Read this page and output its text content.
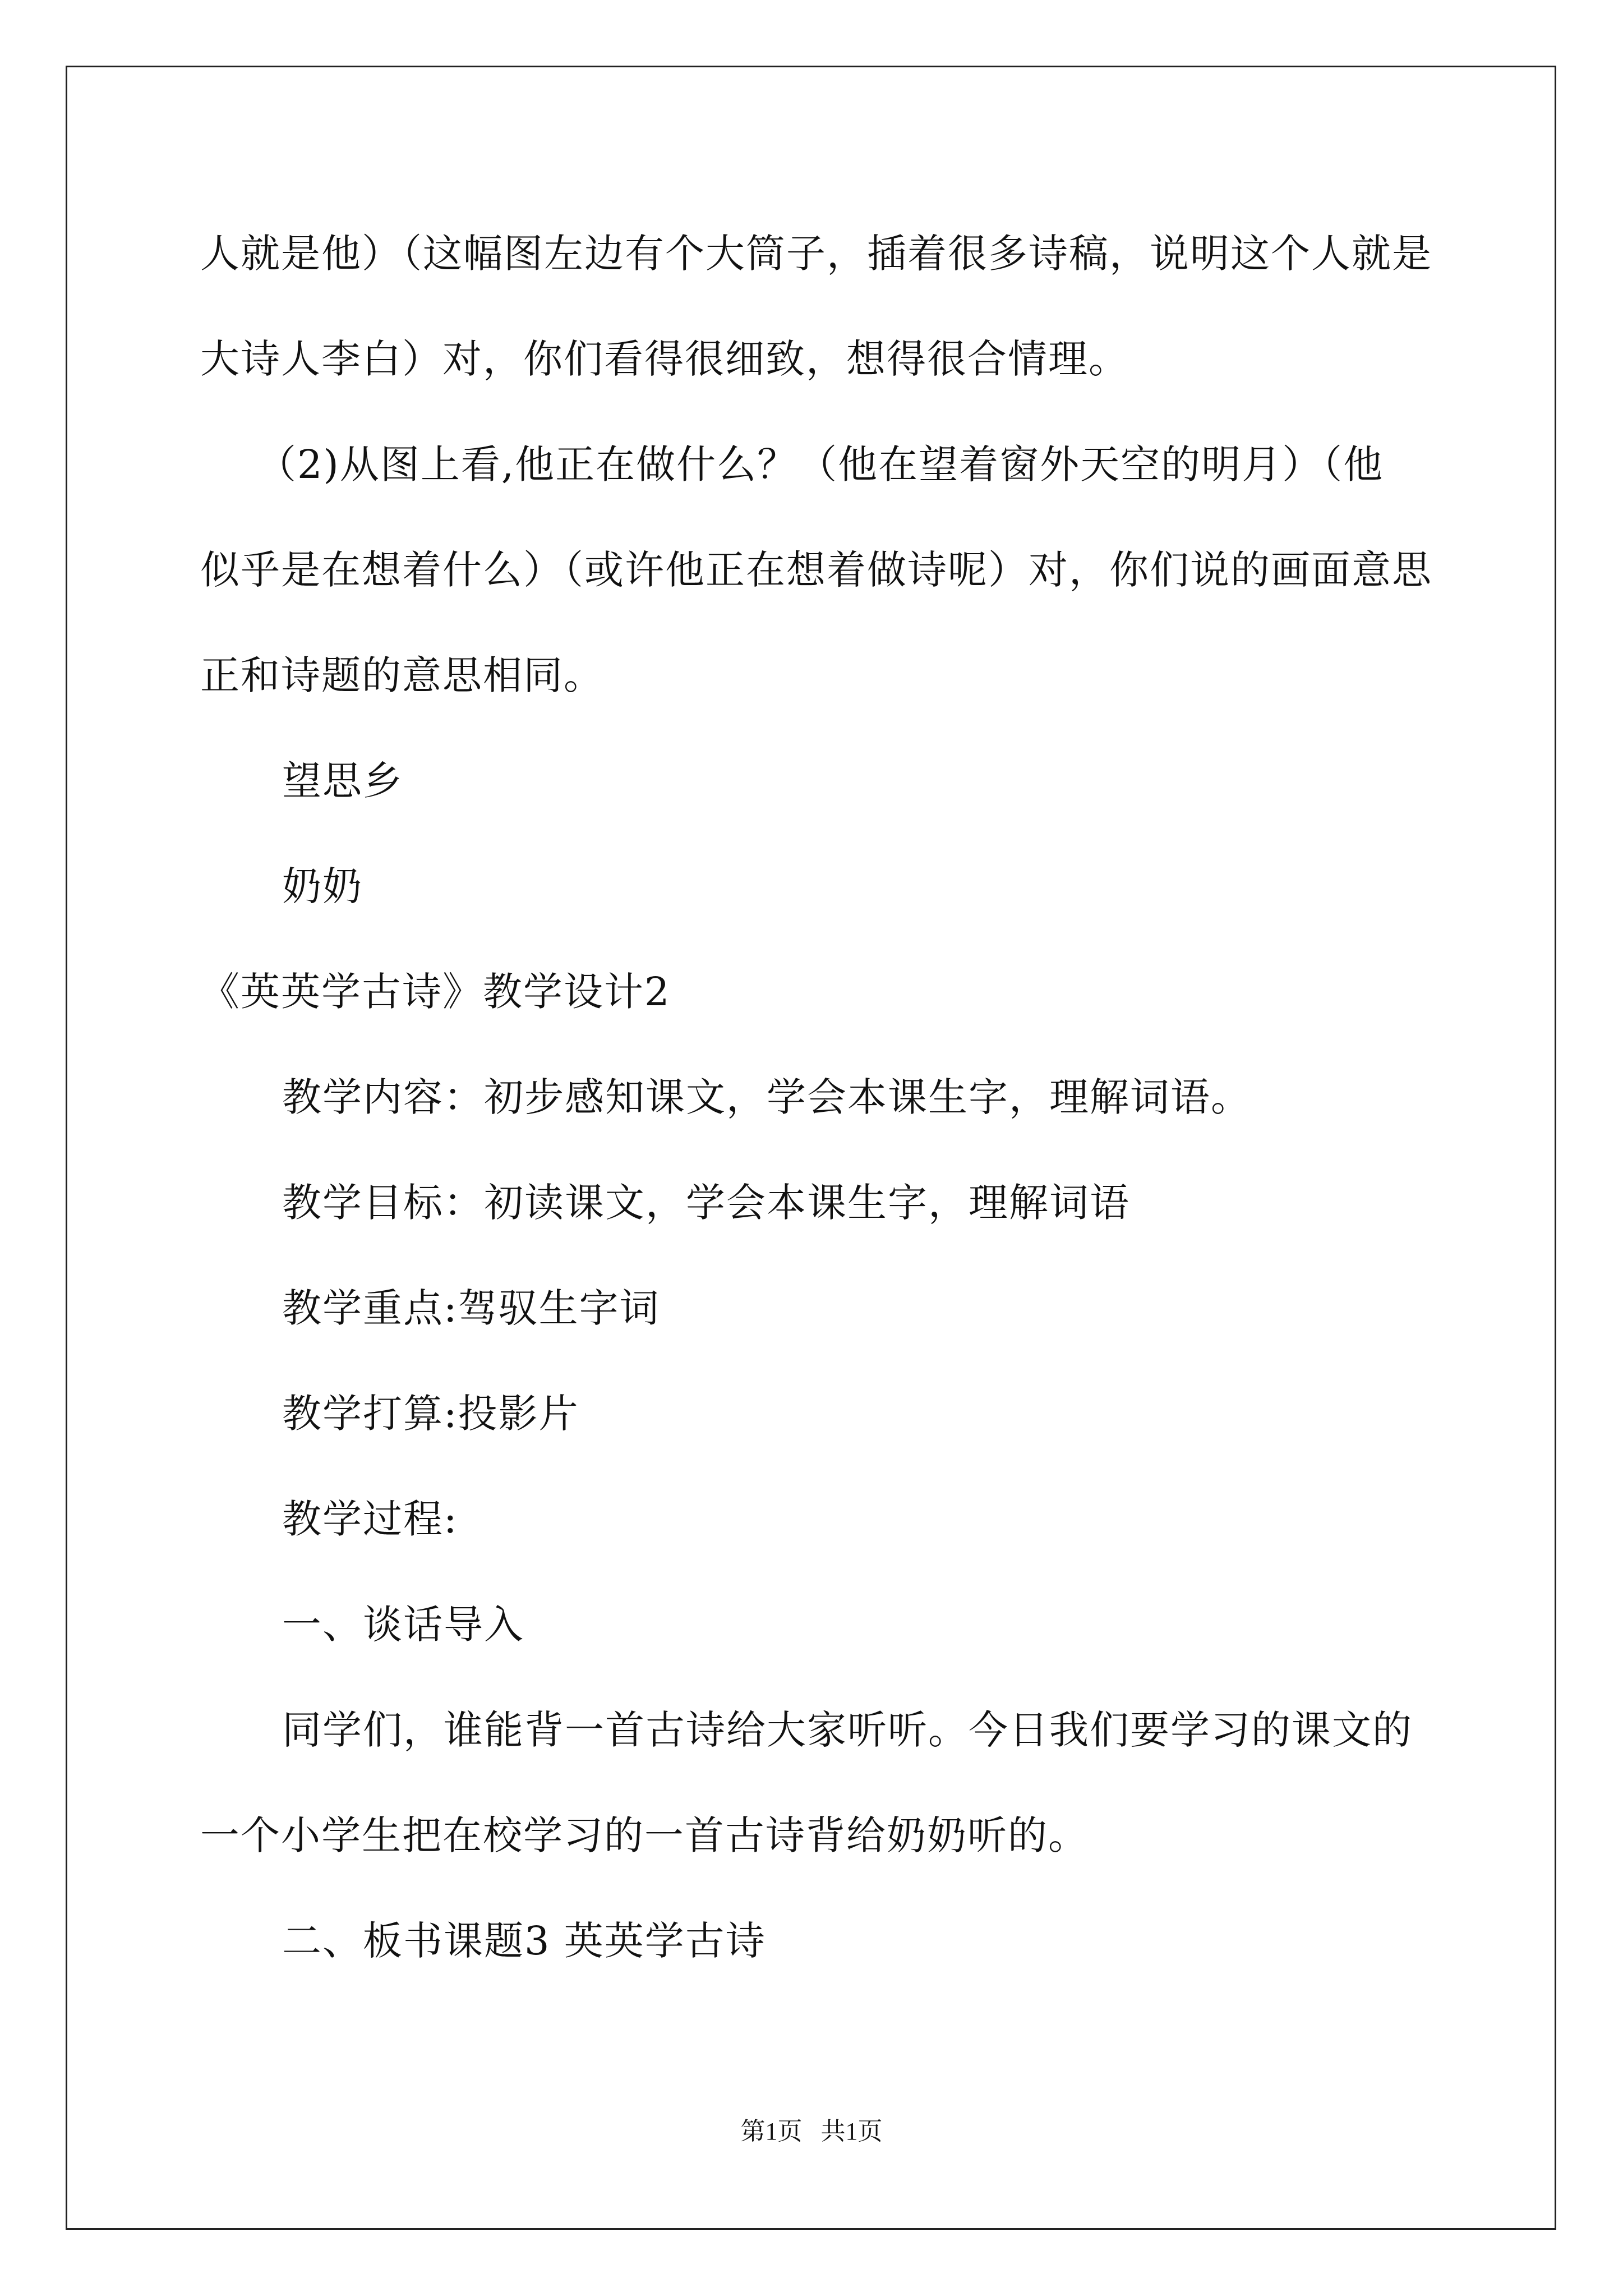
人就是他）（这幅图左边有个大筒子，插着很多诗稿，说明这个人就是
大诗人李白）对，你们看得很细致，想得很合情理。
（2)从图上看,他正在做什么？（他在望着窗外天空的明月）（他
似乎是在想着什么）（或许他正在想着做诗呢）对，你们说的画面意思
正和诗题的意思相同。
望思乡
奶奶
《英英学古诗》教学设计2
教学内容：初步感知课文，学会本课生字，理解词语。
教学目标：初读课文，学会本课生字，理解词语
教学重点:驾驭生字词
教学打算:投影片
教学过程:
一、谈话导入
同学们，谁能背一首古诗给大家听听。今日我们要学习的课文的
一个小学生把在校学习的一首古诗背给奶奶听的。
二、板书课题3 英英学古诗
第1页   共1页
